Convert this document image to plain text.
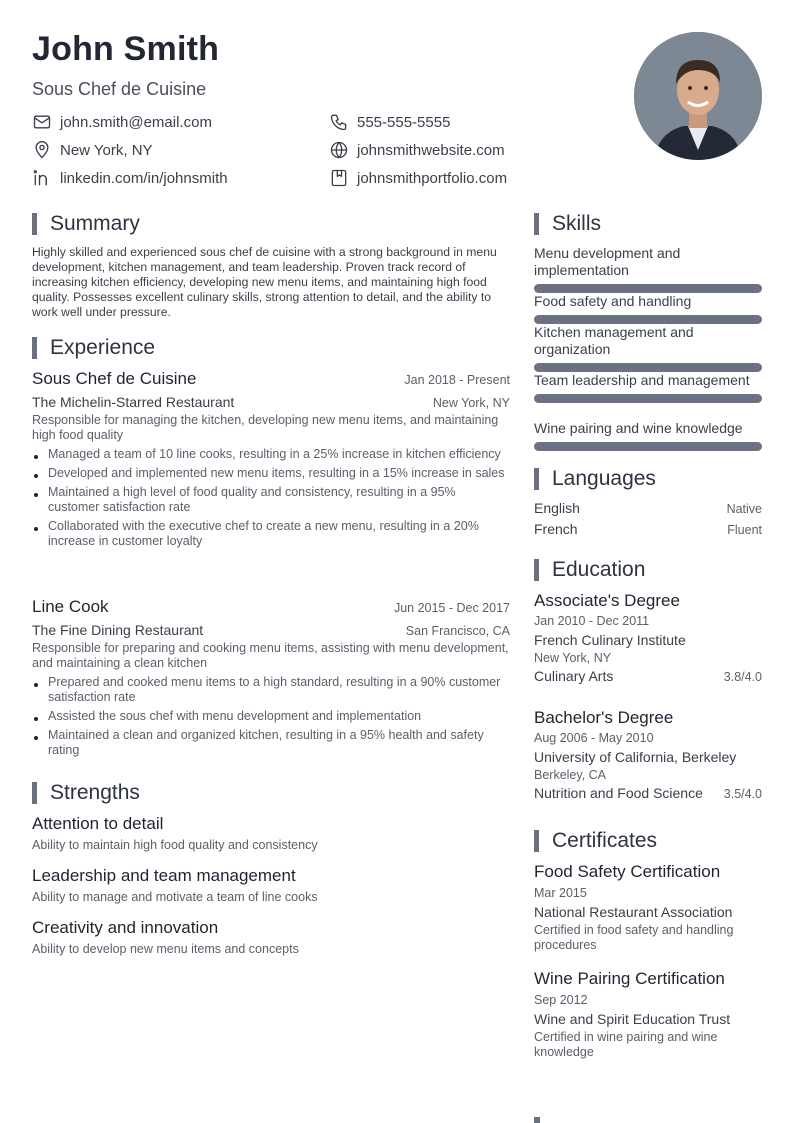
John Smith
Sous Chef de Cuisine
john.smith@email.com	555-555-5555
New York, NY	johnsmithwebsite.com
linkedin.com/in/johnsmith	johnsmithportfolio.com
Summary
Highly skilled and experienced sous chef de cuisine with a strong background in menu development, kitchen management, and team leadership. Proven track record of increasing kitchen efficiency, developing new menu items, and maintaining high food quality. Possesses excellent culinary skills, strong attention to detail, and the ability to work well under pressure.
Experience
Sous Chef de Cuisine	Jan 2018 - Present
The Michelin-Starred Restaurant	New York, NY
Responsible for managing the kitchen, developing new menu items, and maintaining high food quality
Managed a team of 10 line cooks, resulting in a 25% increase in kitchen efficiency
Developed and implemented new menu items, resulting in a 15% increase in sales
Maintained a high level of food quality and consistency, resulting in a 95% customer satisfaction rate
Collaborated with the executive chef to create a new menu, resulting in a 20% increase in customer loyalty
Line Cook	Jun 2015 - Dec 2017
The Fine Dining Restaurant	San Francisco, CA
Responsible for preparing and cooking menu items, assisting with menu development, and maintaining a clean kitchen
Prepared and cooked menu items to a high standard, resulting in a 90% customer satisfaction rate
Assisted the sous chef with menu development and implementation
Maintained a clean and organized kitchen, resulting in a 95% health and safety rating
Strengths
Attention to detail
Ability to maintain high food quality and consistency
Leadership and team management
Ability to manage and motivate a team of line cooks
Creativity and innovation
Ability to develop new menu items and concepts
Skills
Menu development and implementation
Food safety and handling
Kitchen management and organization
Team leadership and management
Wine pairing and wine knowledge
Languages
English	Native
French	Fluent
Education
Associate's Degree
Jan 2010 - Dec 2011
French Culinary Institute
New York, NY
Culinary Arts	3.8/4.0
Bachelor's Degree
Aug 2006 - May 2010
University of California, Berkeley
Berkeley, CA
Nutrition and Food Science 3.5/4.0
Certificates
Food Safety Certification
Mar 2015
National Restaurant Association
Certified in food safety and handling procedures
Wine Pairing Certification
Sep 2012
Wine and Spirit Education Trust
Certified in wine pairing and wine knowledge
